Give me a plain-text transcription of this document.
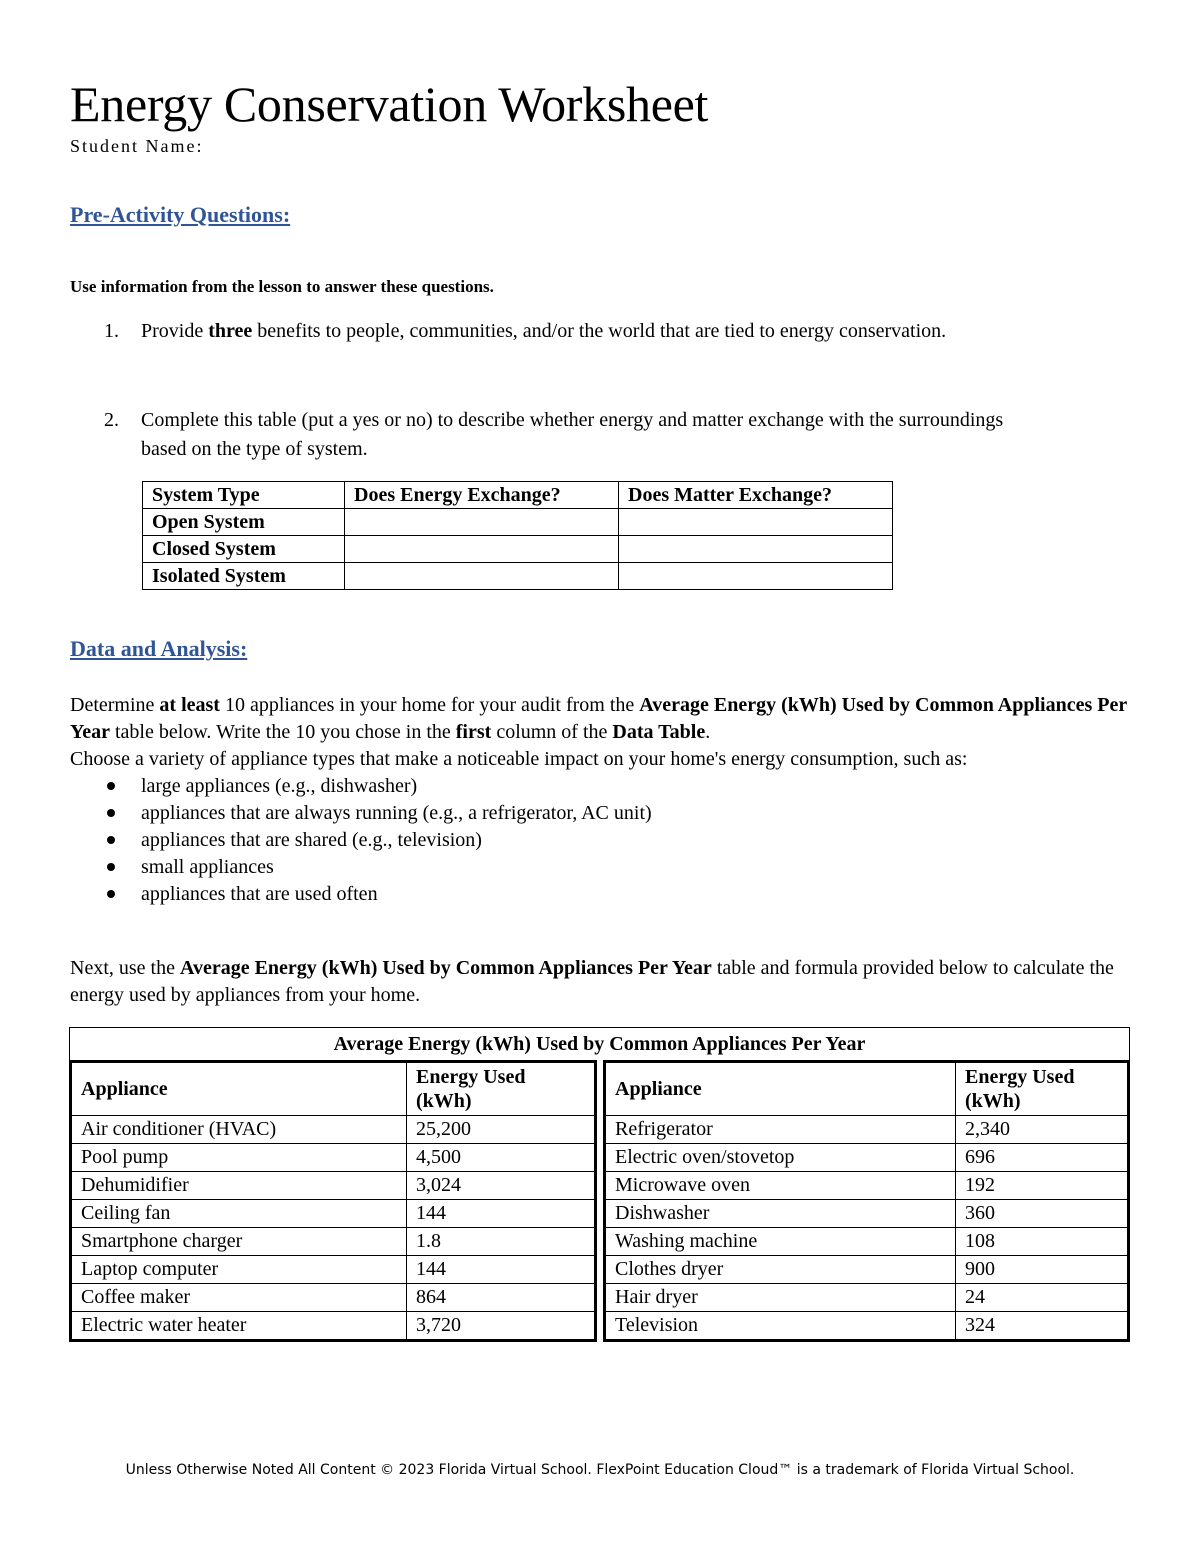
Energy Conservation Worksheet
Student Name:
Pre-Activity Questions:
Use information from the lesson to answer these questions.
1. Provide three benefits to people, communities, and/or the world that are tied to energy conservation.
2. Complete this table (put a yes or no) to describe whether energy and matter exchange with the surroundings based on the type of system.
System Type	Does Energy Exchange?	Does Matter Exchange?
Open System		
Closed System		
Isolated System		
Data and Analysis:
Determine at least 10 appliances in your home for your audit from the Average Energy (kWh) Used by Common Appliances Per Year table below. Write the 10 you chose in the first column of the Data Table.
Choose a variety of appliance types that make a noticeable impact on your home's energy consumption, such as:
large appliances (e.g., dishwasher)
appliances that are always running (e.g., a refrigerator, AC unit)
appliances that are shared (e.g., television)
small appliances
appliances that are used often
Next, use the Average Energy (kWh) Used by Common Appliances Per Year table and formula provided below to calculate the energy used by appliances from your home.
Average Energy (kWh) Used by Common Appliances Per Year
Appliance	Energy Used
(kWh)
Air conditioner (HVAC)	25,200
Pool pump	4,500
Dehumidifier	3,024
Ceiling fan	144
Smartphone charger	1.8
Laptop computer	144
Coffee maker	864
Electric water heater	3,720
Appliance	Energy Used
(kWh)
Refrigerator	2,340
Electric oven/stovetop	696
Microwave oven	192
Dishwasher	360
Washing machine	108
Clothes dryer	900
Hair dryer	24
Television	324
Unless Otherwise Noted All Content © 2023 Florida Virtual School. FlexPoint Education Cloud™ is a trademark of Florida Virtual School.
